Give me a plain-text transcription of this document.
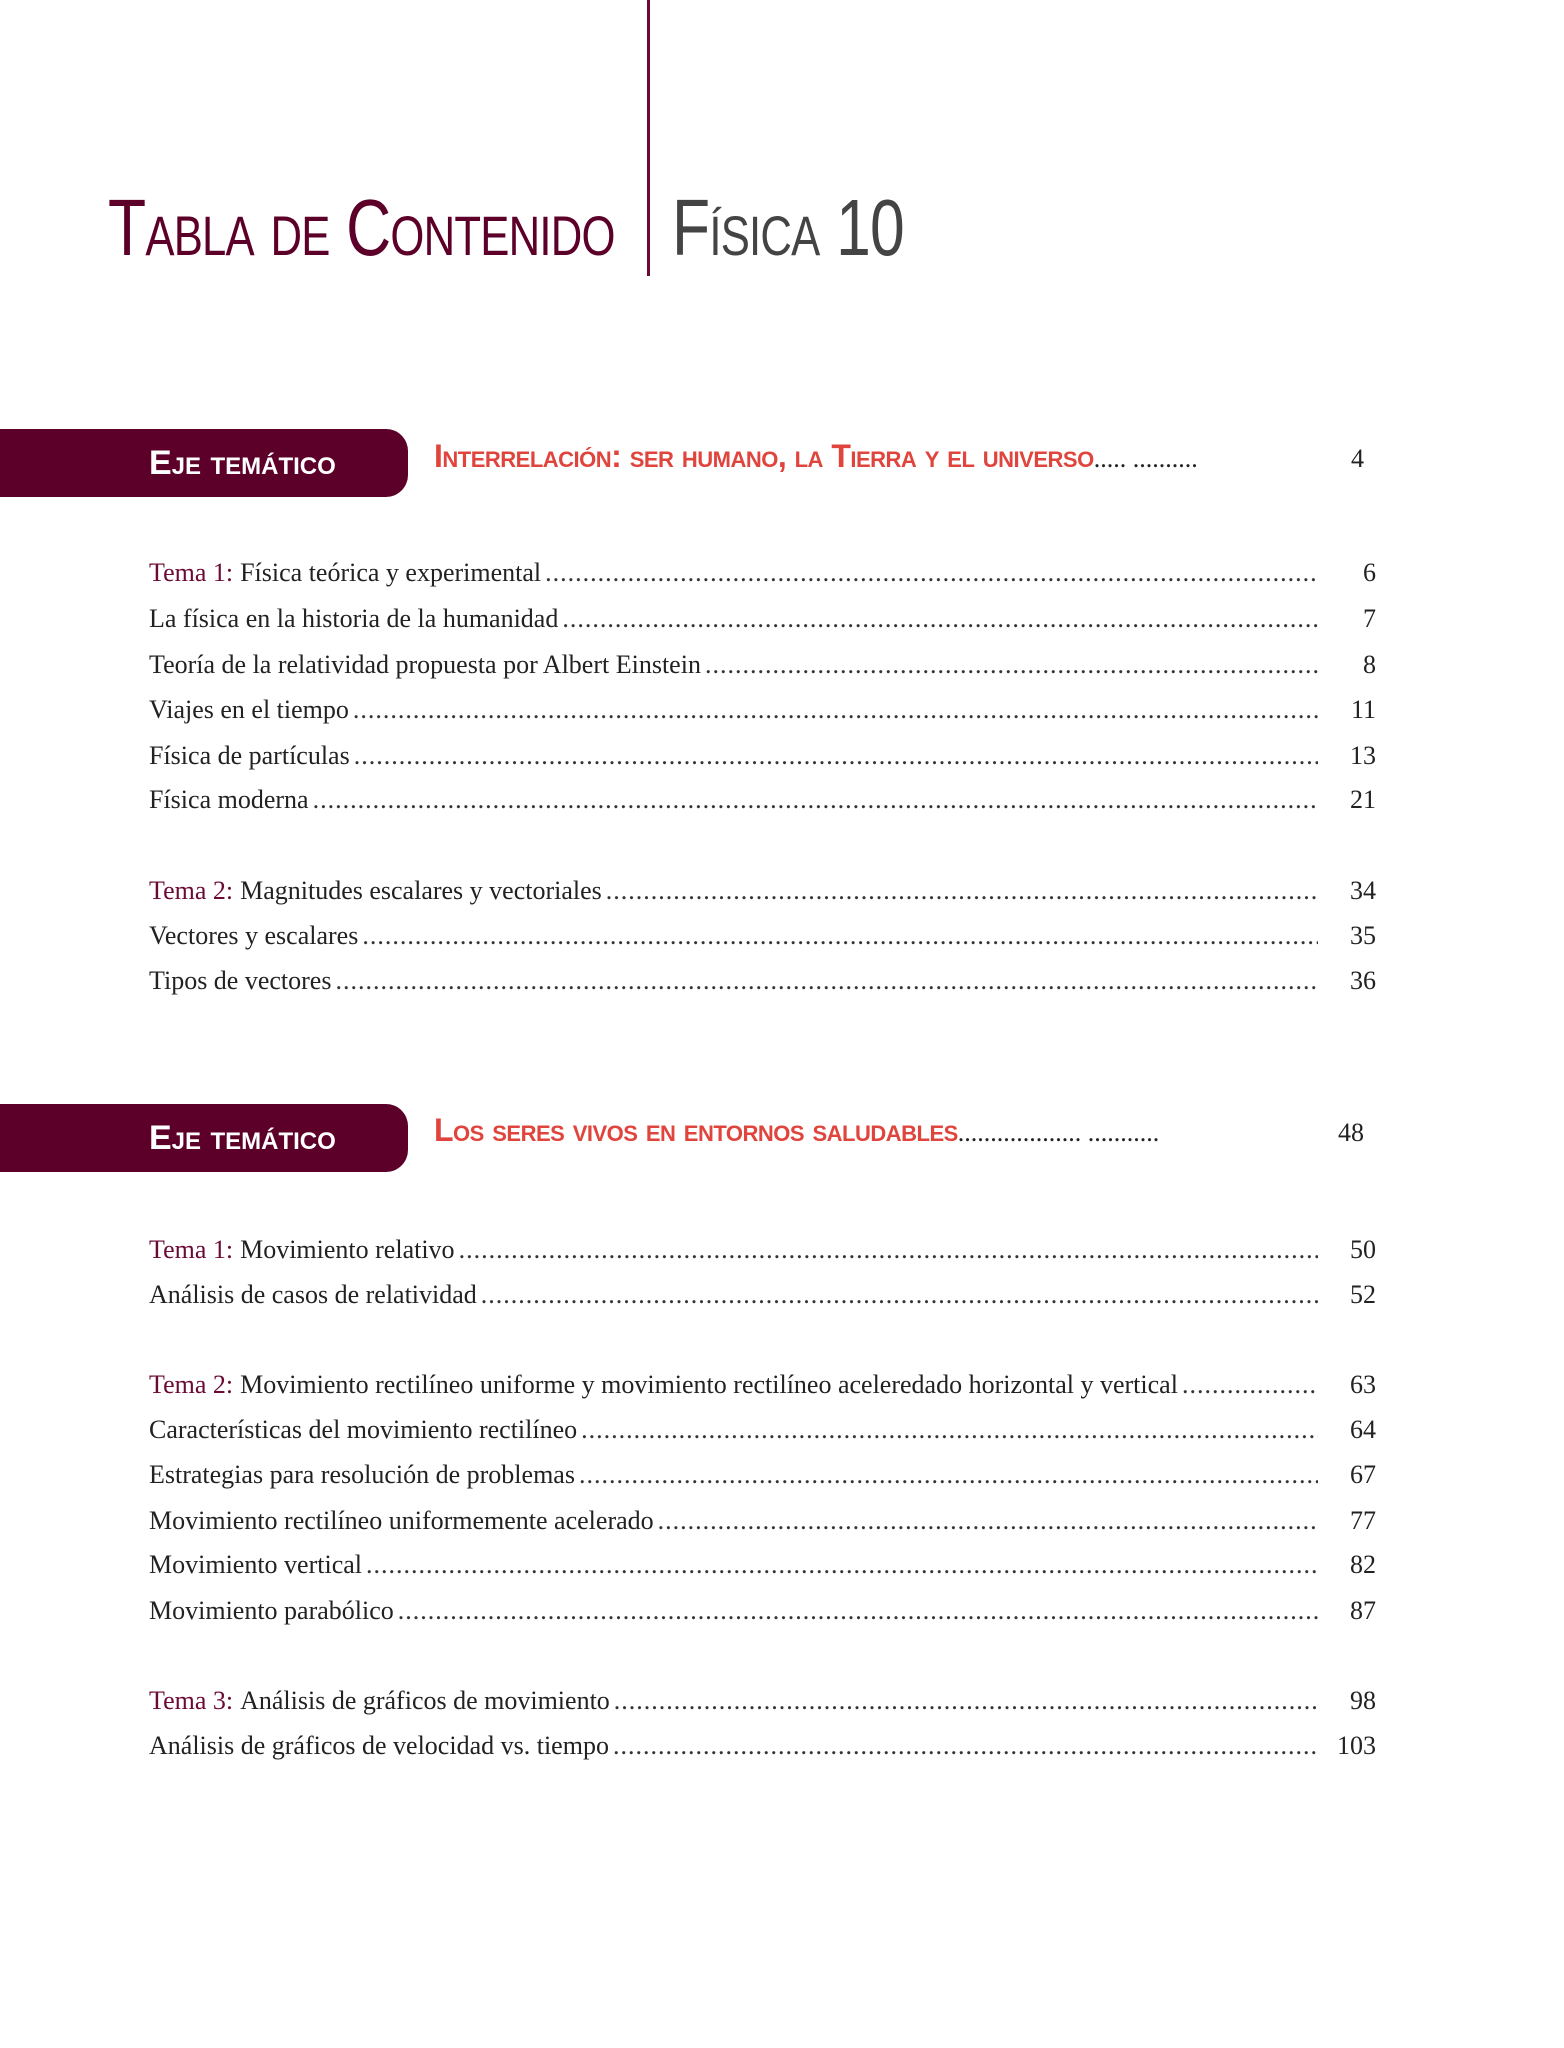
Tabla de Contenido Física 10
Eje temático	Interrelación: ser humano, la Tierra y el universo ..... ..........	4
Tema 1: Física teórica y experimental .....	6
La física en la historia de la humanidad .....	7
Teoría de la relatividad propuesta por Albert Einstein .....	8
Viajes en el tiempo .....	11
Física de partículas .....	13
Física moderna .....	21
Tema 2: Magnitudes escalares y vectoriales .....	34
Vectores y escalares .....	35
Tipos de vectores .....	36
Eje temático	Los seres vivos en entornos saludables ................... ...........	48
Tema 1: Movimiento relativo .....	50
Análisis de casos de relatividad .....	52
Tema 2: Movimiento rectilíneo uniforme y movimiento rectilíneo aceleredado horizontal y vertical .....	63
Características del movimiento rectilíneo .....	64
Estrategias para resolución de problemas .....	67
Movimiento rectilíneo uniformemente acelerado .....	77
Movimiento vertical .....	82
Movimiento parabólico .....	87
Tema 3: Análisis de gráficos de movimiento .....	98
Análisis de gráficos de velocidad vs. tiempo .....	103
